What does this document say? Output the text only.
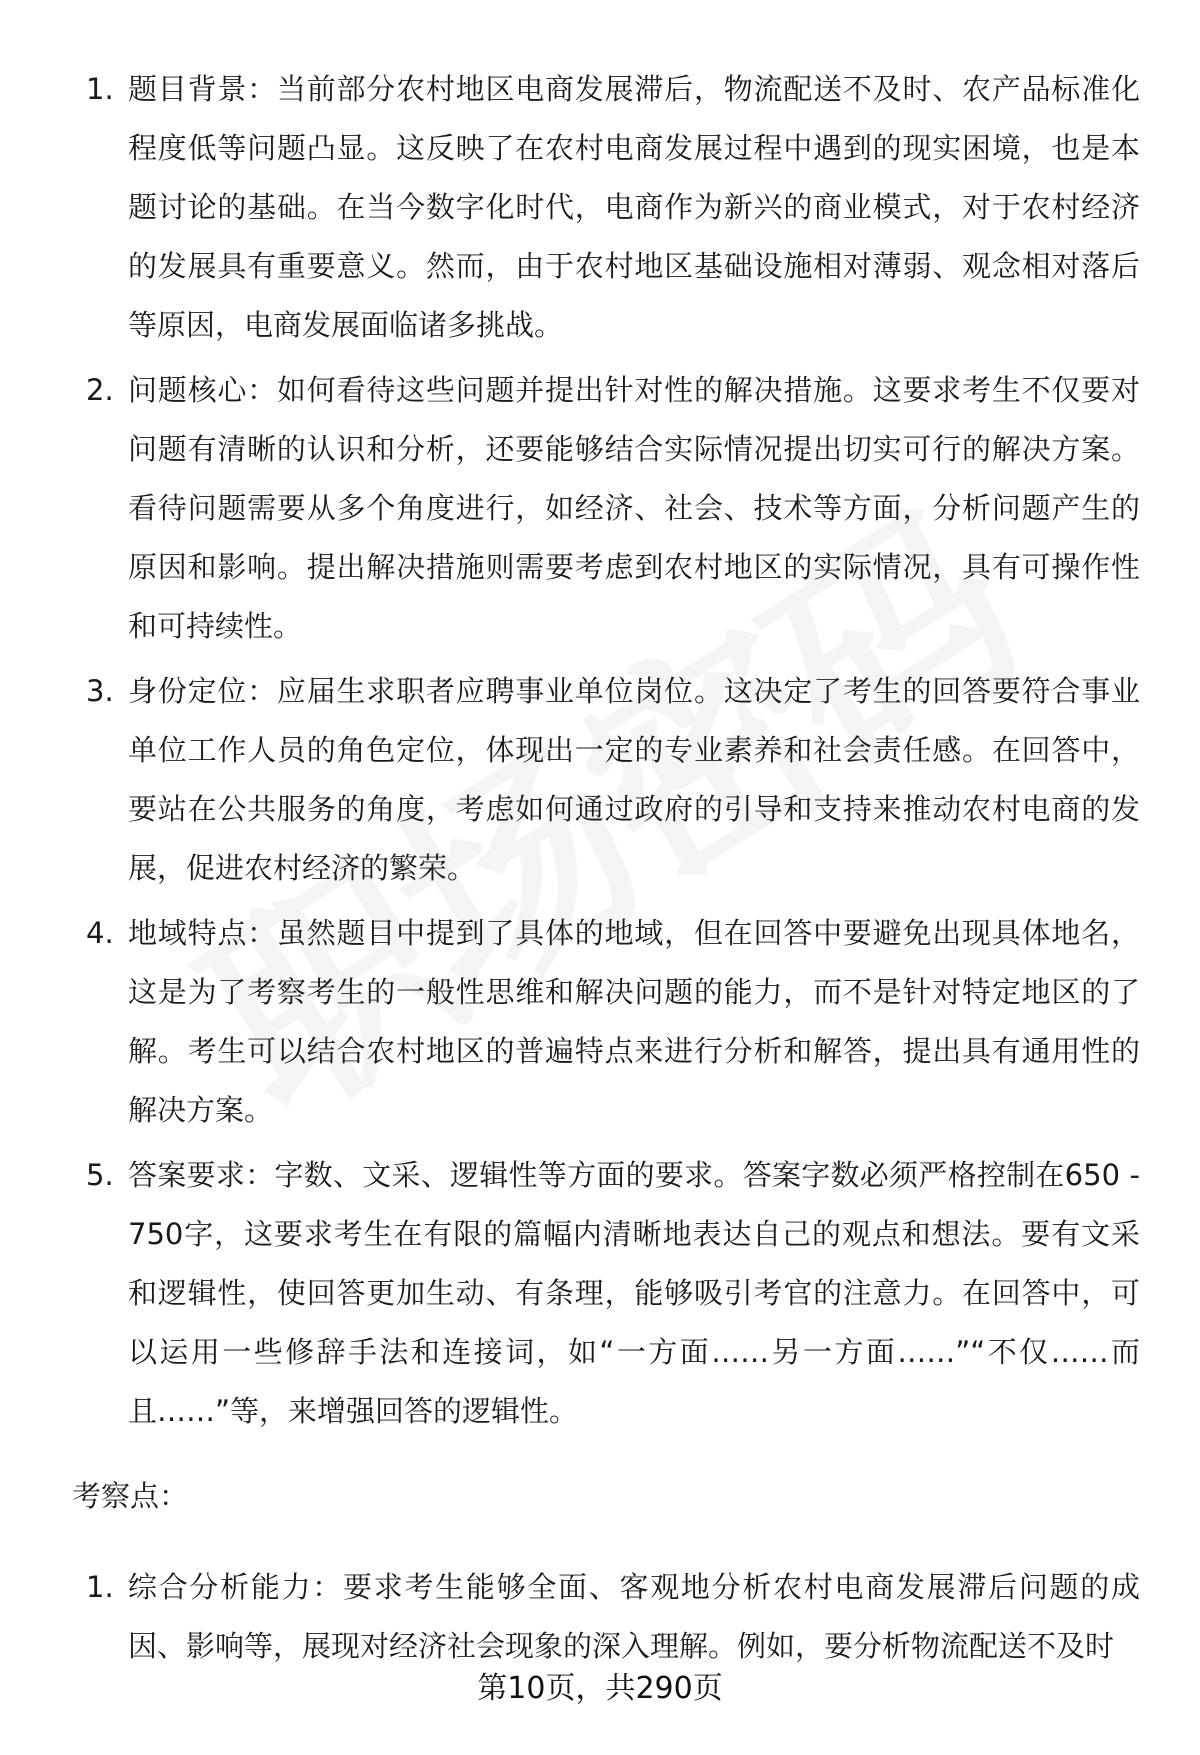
1. 题目背景：当前部分农村地区电商发展滞后，物流配送不及时、农产品标准化程度低等问题凸显。这反映了在农村电商发展过程中遇到的现实困境，也是本题讨论的基础。在当今数字化时代，电商作为新兴的商业模式，对于农村经济的发展具有重要意义。然而，由于农村地区基础设施相对薄弱、观念相对落后等原因，电商发展面临诸多挑战。
2. 问题核心：如何看待这些问题并提出针对性的解决措施。这要求考生不仅要对问题有清晰的认识和分析，还要能够结合实际情况提出切实可行的解决方案。看待问题需要从多个角度进行，如经济、社会、技术等方面，分析问题产生的原因和影响。提出解决措施则需要考虑到农村地区的实际情况，具有可操作性和可持续性。
3. 身份定位：应届生求职者应聘事业单位岗位。这决定了考生的回答要符合事业单位工作人员的角色定位，体现出一定的专业素养和社会责任感。在回答中，要站在公共服务的角度，考虑如何通过政府的引导和支持来推动农村电商的发展，促进农村经济的繁荣。
4. 地域特点：虽然题目中提到了具体的地域，但在回答中要避免出现具体地名，这是为了考察考生的一般性思维和解决问题的能力，而不是针对特定地区的了解。考生可以结合农村地区的普遍特点来进行分析和解答，提出具有通用性的解决方案。
5. 答案要求：字数、文采、逻辑性等方面的要求。答案字数必须严格控制在650 - 750字，这要求考生在有限的篇幅内清晰地表达自己的观点和想法。要有文采和逻辑性，使回答更加生动、有条理，能够吸引考官的注意力。在回答中，可以运用一些修辞手法和连接词，如“一方面……另一方面……”“不仅……而且……”等，来增强回答的逻辑性。
考察点：
1. 综合分析能力：要求考生能够全面、客观地分析农村电商发展滞后问题的成因、影响等，展现对经济社会现象的深入理解。例如，要分析物流配送不及时
第10页，共290页
